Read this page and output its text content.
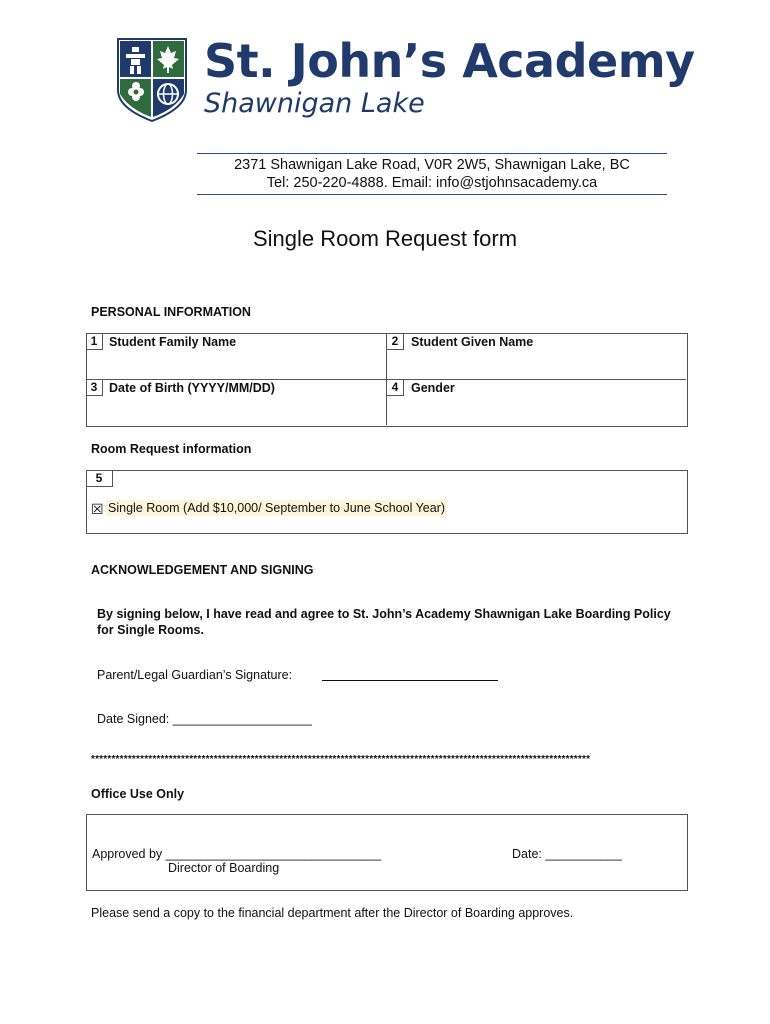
St. John’s Academy
Shawnigan Lake
2371 Shawnigan Lake Road, V0R 2W5, Shawnigan Lake, BC
Tel: 250-220-4888. Email: info@stjohnsacademy.ca
Single Room Request form
PERSONAL INFORMATION
1 Student Family Name	2	Student Given Name
3 Date of Birth (YYYY/MM/DD)	4	Gender
Room Request information
5
☒ Single Room (Add $10,000/ September to June School Year)
ACKNOWLEDGEMENT AND SIGNING
By signing below, I have read and agree to St. John’s Academy Shawnigan Lake Boarding Policy for Single Rooms.
Parent/Legal Guardian’s Signature:
Date Signed: ____________________
**************************************************************************************************************************
Office Use Only
Approved by _______________________________
Director of Boarding
Date: ___________
Please send a copy to the financial department after the Director of Boarding approves.
